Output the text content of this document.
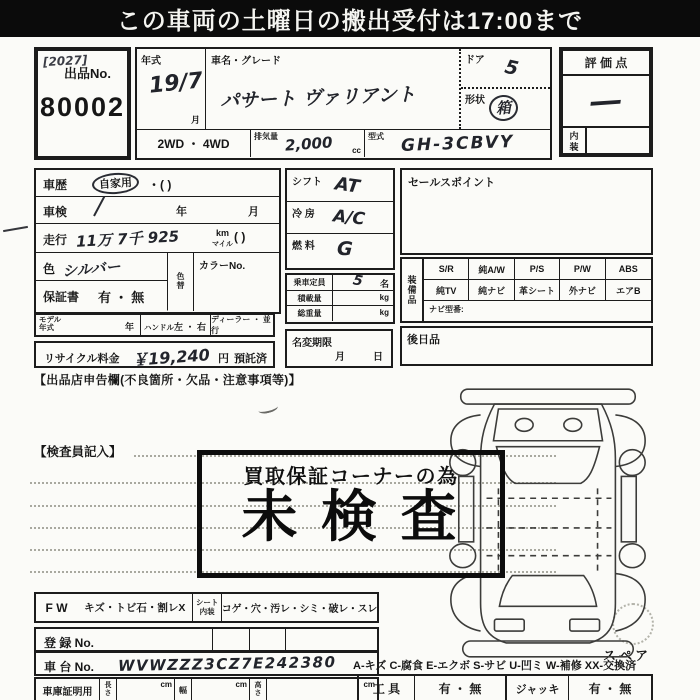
この車両の土曜日の搬出受付は17:00まで
[2027]
出品No.
80002
年式
19/7
月
車名・グレード
パサート ヴァリアント
ドア 5
形状 箱
2WD ・ 4WD
排気量 2,000 cc
型式 GH-3CBVY
評 価 点
―
内装
車歴	自家用	・( )
車検	年	月
走行 11万 7千 925	km
マイル
( )
色 シルバー
保証書 有 ・ 無
色替
カラーNo.
シフト AT
冷 房 A/C
燃 料 G
乗車定員 5 名
積載量	kg
総重量	kg
名変期限
月	日
セールスポイント
装備品
S/R	純A/W	P/S	P/W	ABS
純TV 純ナビ 革シート 外ナビ エアB
ナビ型番:
後日品
モデル年式	年 ハンドル 左 ・ 右
ディーラー ・ 並行
リサイクル料金 ￥19,240 円 預託済
【出品店申告欄(不良箇所・欠品・注意事項等)】
【検査員記入】
買取保証コーナーの為
未 検 査
スペア
F W キズ・トビ石・割レX シート内装 コゲ・穴・汚レ・シミ・破レ・スレ
登 録 No.
車 台 No. WVWZZZ3CZ7E242380
車庫証明用
長さ
cm
幅
cm 高さ
cm
A-キズ C-腐食 E-エクボ S-サビ U-凹ミ W-補修 XX-交換済
工 具	有 ・ 無	ジャッキ 有 ・ 無
